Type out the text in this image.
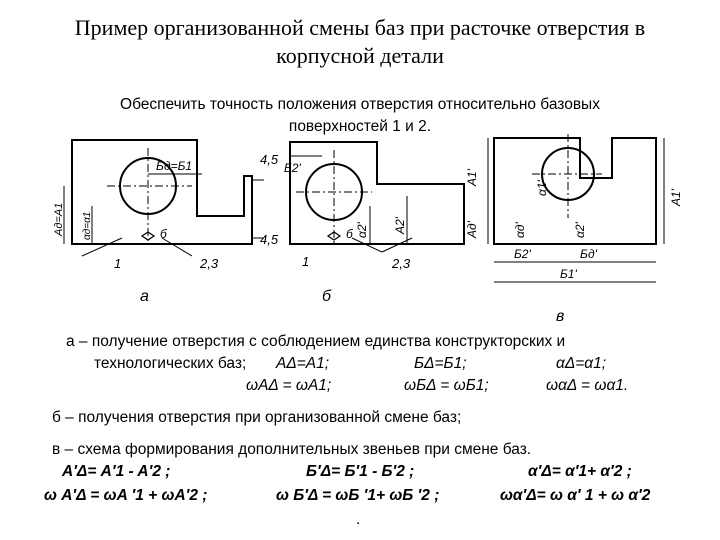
Пример организованной смены баз при расточке отверстия в
корпусной детали
Обеспечить точность положения отверстия относительно базовых
поверхностей 1 и 2.
Бд=Б1	4,5
4,5
Aд=A1 αд=α1	б
1	2,3
Б2'
A2'
α2'
б
1	2,3
A1'
Aд'
A1'
α1'
αд'	α2'
Б2'	Бд'
Б1'
а	б
в
а – получение отверстия с соблюдением единства конструкторских и
технологических баз; AΔ=A1;	БΔ=Б1;	αΔ=α1;
ωAΔ = ωA1;	ωБΔ = ωБ1;	ωαΔ = ωα1.
б – получения отверстия при организованной смене баз;
в – схема формирования дополнительных звеньев при смене баз.
A′Δ= A′1 - A′2 ;	Б′Δ= Б′1 - Б′2 ;	α′Δ= α′1+ α′2 ;
ω A′Δ = ωA ′1 + ωA′2 ;	ω Б′Δ = ωБ ′1+ ωБ ′2 ;	ωα′Δ= ω α′ 1 + ω α′2
.
